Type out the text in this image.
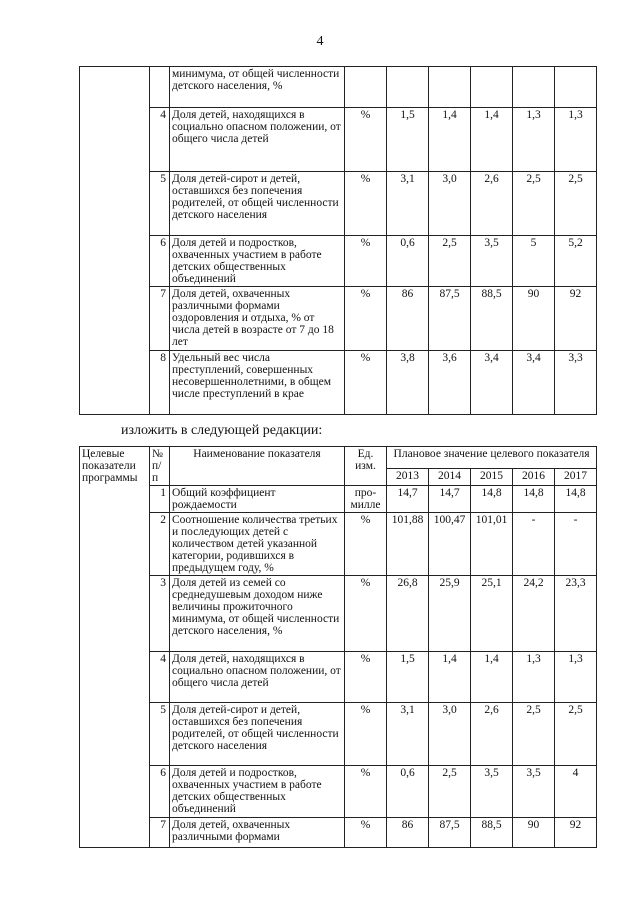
4
		минимума, от общей численности детского населения, %						
	4	Доля детей, находящихся в социально опасном положении, от общего числа детей	%	1,5	1,4	1,4	1,3	1,3
	5	Доля детей-сирот и детей, оставшихся без попечения родителей, от общей численности детского населения	%	3,1	3,0	2,6	2,5	2,5
	6	Доля детей и подростков, охваченных участием в работе детских общественных объединений	%	0,6	2,5	3,5	5	5,2
	7	Доля детей, охваченных различными формами оздоровления и отдыха, % от числа детей в возрасте от 7 до 18 лет	%	86	87,5	88,5	90	92
	8	Удельный вес числа преступлений, совершенных несовершеннолетними, в общем числе преступлений в крае	%	3,8	3,6	3,4	3,4	3,3
изложить в следующей редакции:
Целевые показатели программы	№ п/п	Наименование показателя	Ед. изм.	Плановое значение целевого показателя				
				2013	2014	2015	2016	2017
	1	Общий коэффициент рождаемости	про-милле	14,7	14,7	14,8	14,8	14,8
	2	Соотношение количества третьих и последующих детей с количеством детей указанной категории, родившихся в предыдущем году, %	%	101,88	100,47	101,01	-	-
	3	Доля детей из семей со среднедушевым доходом ниже величины прожиточного минимума, от общей численности детского населения, %	%	26,8	25,9	25,1	24,2	23,3
	4	Доля детей, находящихся в социально опасном положении, от общего числа детей	%	1,5	1,4	1,4	1,3	1,3
	5	Доля детей-сирот и детей, оставшихся без попечения родителей, от общей численности детского населения	%	3,1	3,0	2,6	2,5	2,5
	6	Доля детей и подростков, охваченных участием в работе детских общественных объединений	%	0,6	2,5	3,5	3,5	4
	7	Доля детей, охваченных различными формами	%	86	87,5	88,5	90	92
